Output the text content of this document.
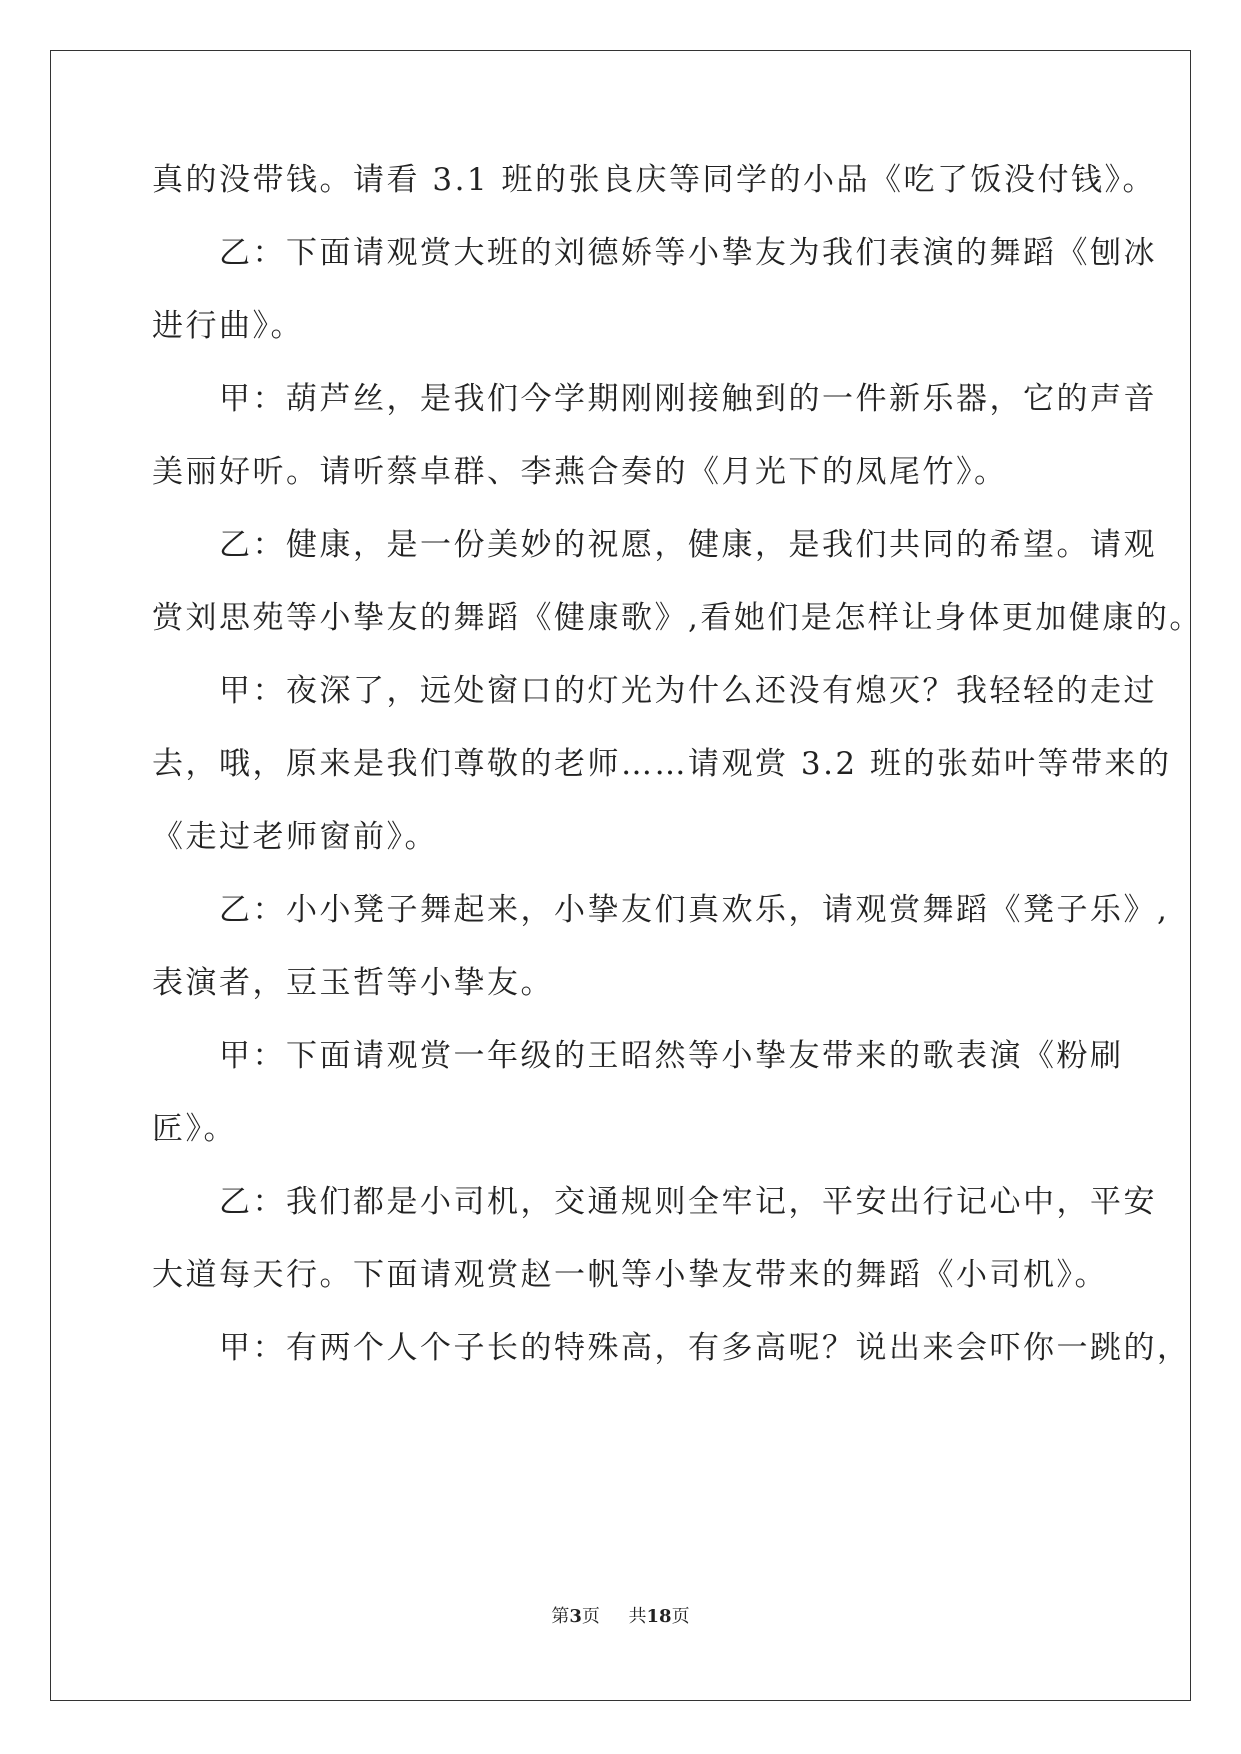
真的没带钱。请看 3.1 班的张良庆等同学的小品《吃了饭没付钱》。
　　乙：下面请观赏大班的刘德娇等小挚友为我们表演的舞蹈《刨冰
进行曲》。
　　甲：葫芦丝，是我们今学期刚刚接触到的一件新乐器，它的声音
美丽好听。请听蔡卓群、李燕合奏的《月光下的凤尾竹》。
　　乙：健康，是一份美妙的祝愿，健康，是我们共同的希望。请观
赏刘思苑等小挚友的舞蹈《健康歌》,看她们是怎样让身体更加健康的。
　　甲：夜深了，远处窗口的灯光为什么还没有熄灭？我轻轻的走过
去，哦，原来是我们尊敬的老师……请观赏 3.2 班的张茹叶等带来的
《走过老师窗前》。
　　乙：小小凳子舞起来，小挚友们真欢乐，请观赏舞蹈《凳子乐》,
表演者，豆玉哲等小挚友。
　　甲：下面请观赏一年级的王昭然等小挚友带来的歌表演《粉刷
匠》。
　　乙：我们都是小司机，交通规则全牢记，平安出行记心中，平安
大道每天行。下面请观赏赵一帆等小挚友带来的舞蹈《小司机》。
　　甲：有两个人个子长的特殊高，有多高呢？说出来会吓你一跳的，
第3页 共18页
